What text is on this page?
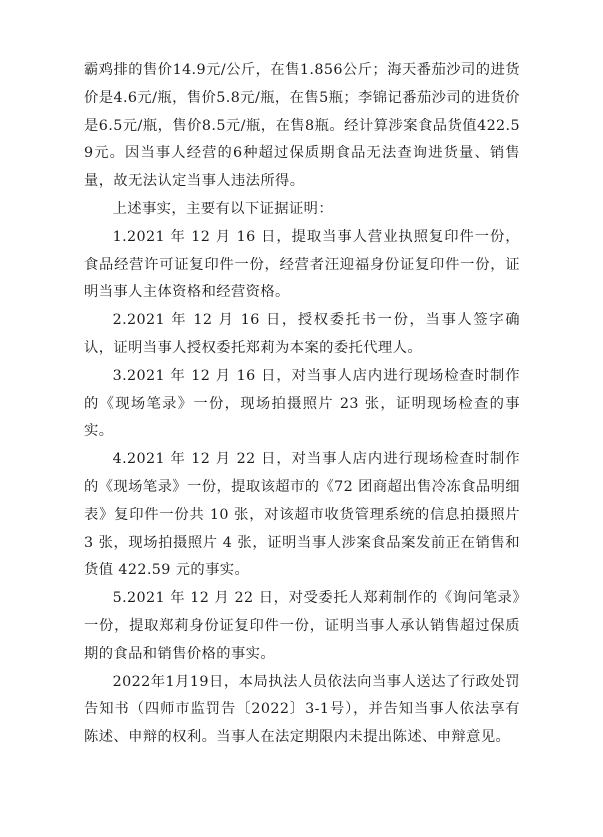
霸鸡排的售价14.9元/公斤，在售1.856公斤；海天番茄沙司的进货价是4.6元/瓶，售价5.8元/瓶，在售5瓶；李锦记番茄沙司的进货价是6.5元/瓶，售价8.5元/瓶，在售8瓶。经计算涉案食品货值422.59元。因当事人经营的6种超过保质期食品无法查询进货量、销售量，故无法认定当事人违法所得。

上述事实，主要有以下证据证明：

1.2021 年 12 月 16 日，提取当事人营业执照复印件一份，食品经营许可证复印件一份，经营者汪迎福身份证复印件一份，证明当事人主体资格和经营资格。

2.2021 年 12 月 16 日，授权委托书一份，当事人签字确认，证明当事人授权委托郑莉为本案的委托代理人。

3.2021 年 12 月 16 日，对当事人店内进行现场检查时制作的《现场笔录》一份，现场拍摄照片 23 张，证明现场检查的事实。

4.2021 年 12 月 22 日，对当事人店内进行现场检查时制作的《现场笔录》一份，提取该超市的《72 团商超出售冷冻食品明细表》复印件一份共 10 张，对该超市收货管理系统的信息拍摄照片 3 张，现场拍摄照片 4 张，证明当事人涉案食品案发前正在销售和货值 422.59 元的事实。

5.2021 年 12 月 22 日，对受委托人郑莉制作的《询问笔录》一份，提取郑莉身份证复印件一份，证明当事人承认销售超过保质期的食品和销售价格的事实。

2022年1月19日，本局执法人员依法向当事人送达了行政处罚告知书（四师市监罚告〔2022〕3-1号），并告知当事人依法享有陈述、申辩的权利。当事人在法定期限内未提出陈述、申辩意见。
